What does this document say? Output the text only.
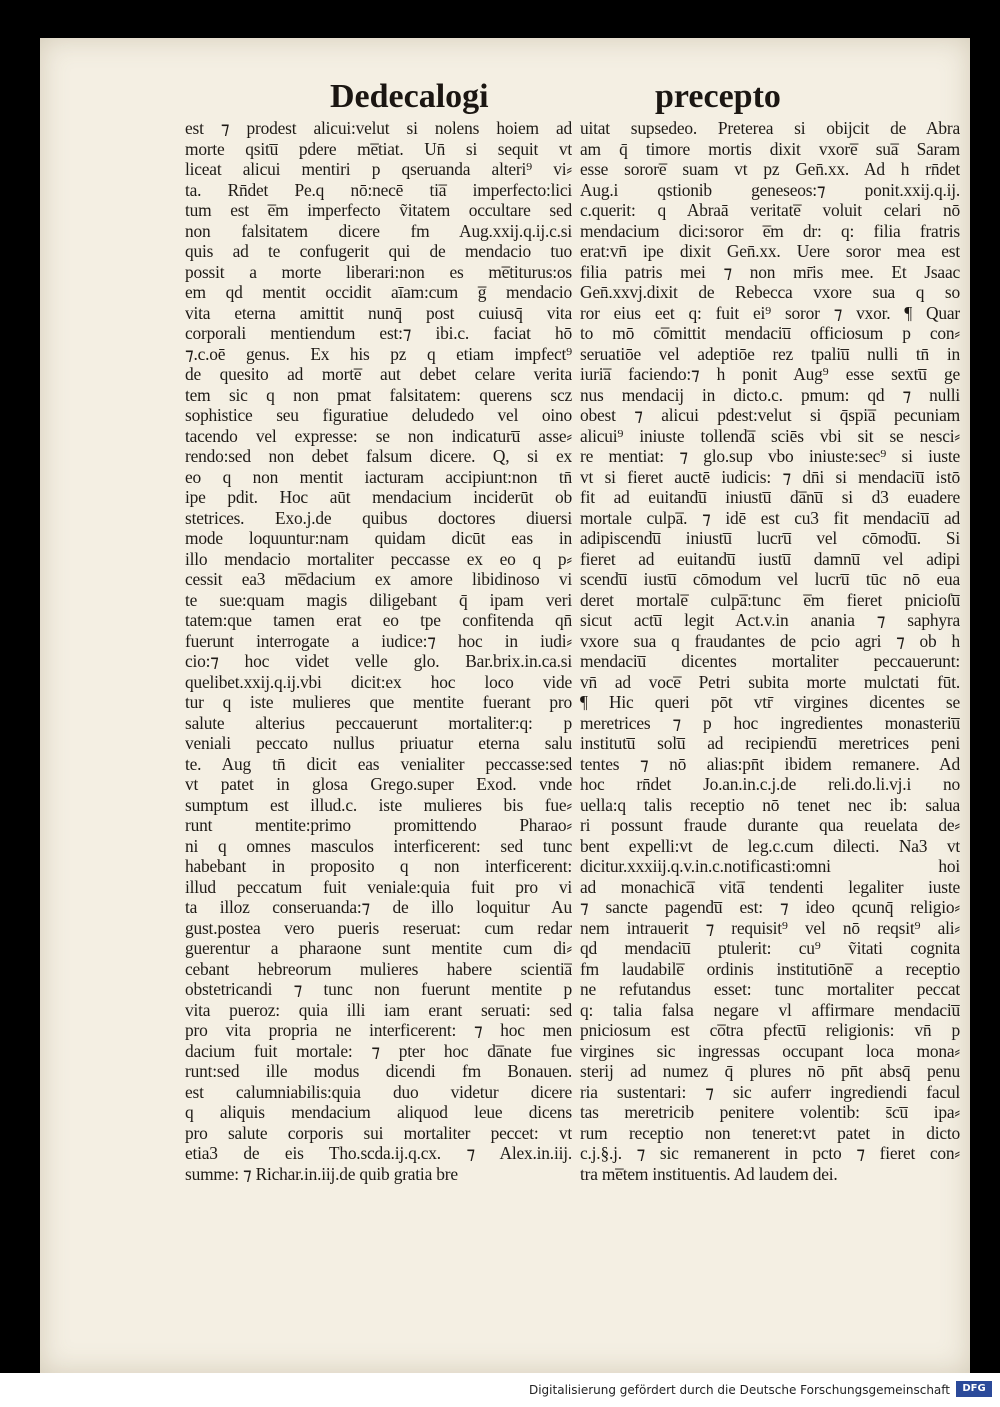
Dedecalogi	precepto
est ⁊ prodest alicui:velut si nolens hoiem ad
morte qsitu̅ pdere me̅tiat. Un̄ si sequit vt
liceat alicui mentiri p qseruanda alteri⁹ vi⸗
ta. Rn̄det Pe.q nō:necē tia̅ imperfecto:lici
tum est e̅m imperfecto ṽitatem occultare sed
non falsitatem dicere fm Aug.xxij.q.ij.c.si
quis ad te confugerit qui de mendacio tuo
possit a morte liberari:non es me̅titurus:os
em qd mentit occidit aīam:cum g̅ mendacio
vita eterna amittit nunq̄ post cuiusq̄ vita
corporali mentiendum est:⁊ ibi.c. faciat hō
⁊.c.oē genus. Ex his pz q etiam impfect⁹
de quesito ad morte̅ aut debet celare verita
tem sic q non pmat falsitatem: querens scz
sophistice seu figuratiue deludedo vel oino
tacendo vel expresse: se non indicaturu̅ asse⸗
rendo:sed non debet falsum dicere. Q, si ex
eo q non mentit iacturam accipiunt:non tn̄
ipe pdit. Hoc aūt mendacium inciderūt ob
stetrices. Exo.j.de quibus doctores diuersi
mode loquuntur:nam quidam dicūt eas in
illo mendacio mortaliter peccasse ex eo q p⸗
cessit ea3 me̅dacium ex amore libidinoso vi
te sue:quam magis diligebant q̄ ipam veri
tatem:que tamen erat eo tpe confitenda qn̄
fuerunt interrogate a iudice:⁊ hoc in iudi⸗
cio:⁊ hoc videt velle glo. Bar.brix.in.ca.si
quelibet.xxij.q.ij.vbi dicit:ex hoc loco vide
tur q iste mulieres que mentite fuerant pro
salute alterius peccauerunt mortaliter:q: p
veniali peccato nullus priuatur eterna salu
te. Aug tn̄ dicit eas venialiter peccasse:sed
vt patet in glosa Grego.super Exod. vnde
sumptum est illud.c. iste mulieres bis fue⸗
runt mentite:primo promittendo Pharao⸗
ni q omnes masculos interficerent: sed tunc
habebant in proposito q non interficerent:
illud peccatum fuit veniale:quia fuit pro vi
ta illoz conseruanda:⁊ de illo loquitur Au
gust.postea vero pueris reseruat: cum redar
guerentur a pharaone sunt mentite cum di⸗
cebant hebreorum mulieres habere scientia̅
obstetricandi ⁊ tunc non fuerunt mentite p
vita pueroz: quia illi iam erant seruati: sed
pro vita propria ne interficerent: ⁊ hoc men
dacium fuit mortale: ⁊ pter hoc da̅nate fue
runt:sed ille modus dicendi fm Bonauen.
est calumniabilis:quia duo videtur dicere
q aliquis mendacium aliquod leue dicens
pro salute corporis sui mortaliter peccet: vt
etia3 de eis Tho.scda.ij.q.cx. ⁊ Alex.in.iij.
summe: ⁊ Richar.in.iij.de quib gratia bre
uitat supsedeo. Preterea si obijcit de Abra
am q̄ timore mortis dixit vxore̅ sua̅ Saram
esse sorore̅ suam vt pz Gen̄.xx. Ad h rn̄det
Aug.i qstionib geneseos:⁊ ponit.xxij.q.ij.
c.querit: q Abraā veritate̅ voluit celari nō
mendacium dici:soror e̅m dr: q: filia fratris
erat:vn̄ ipe dixit Gen̄.xx. Uere soror mea est
filia patris mei ⁊ non mr̄is mee. Et Jsaac
Gen̄.xxvj.dixit de Rebecca vxore sua q so
ror eius eet q: fuit ei⁹ soror ⁊ vxor. ¶ Quar
to mō co̅mittit mendaciu̅ officiosum p con⸗
seruatiōe vel adeptiōe rez tpaliu̅ nulli tn̄ in
iuria̅ faciendo:⁊ h ponit Aug⁹ esse sextu̅ ge
nus mendacij in dicto.c. pmum: qd ⁊ nulli
obest ⁊ alicui pdest:velut si q̄spia̅ pecuniam
alicui⁹ iniuste tollenda̅ sciēs vbi sit se nesci⸗
re mentiat: ⁊ glo.sup vbo iniuste:sec⁹ si iuste
vt si fieret auctē iudicis: ⁊ dn̄i si mendaciu̅ istō
fit ad euitandu̅ iniustu̅ da̅nu̅ si d3 euadere
mortale culpa̅. ⁊ idē est cu3 fit mendaciu̅ ad
adipiscendu̅ iniustu̅ lucru̅ vel cōmodu̅. Si
fieret ad euitandu̅ iustu̅ damnu̅ vel adipi
scendu̅ iustu̅ cōmodum vel lucru̅ tūc nō eua
deret mortale̅ culpa̅:tunc e̅m fieret pnicioſu̅
sicut actu̅ legit Act.v.in anania ⁊ saphyra
vxore sua q fraudantes de pcio agri ⁊ ob h
mendaciu̅ dicentes mortaliter peccauerunt:
vn̄ ad voce̅ Petri subita morte mulctati fūt.
¶ Hic queri pōt vtr̄ virgines dicentes se
meretrices ⁊ p hoc ingredientes monasteriu̅
institutu̅ solu̅ ad recipiendu̅ meretrices peni
tentes ⁊ nō alias:pn̄t ibidem remanere. Ad
hoc rn̄det Jo.an.in.c.j.de reli.do.li.vj.i no
uella:q talis receptio nō tenet nec ib: salua
ri possunt fraude durante qua reuelata de⸗
bent expelli:vt de leg.c.cum dilecti. Na3 vt
dicitur.xxxiij.q.v.in.c.notificasti:omni hoi
ad monachica̅ vita̅ tendenti legaliter iuste
⁊ sancte pagendu̅ est: ⁊ ideo qcunq̄ religio⸗
nem intrauerit ⁊ requisit⁹ vel nō reqsit⁹ ali⸗
qd mendaciu̅ ptulerit: cu⁹ ṽitati cognita
fm laudabile̅ ordinis institutiōne̅ a receptio
ne refutandus esset: tunc mortaliter peccat
q: talia falsa negare vl affirmare mendaciu̅
pniciosum est co̅tra pfectu̅ religionis: vn̄ p
virgines sic ingressas occupant loca mona⸗
sterij ad numez q̄ plures nō pn̄t absq̄ penu
ria sustentari: ⁊ sic auferr ingrediendi facul
tas meretricib penitere volentib: s̄cu̅ ipa⸗
rum receptio non teneret:vt patet in dicto
c.j.§.j. ⁊ sic remanerent in pcto ⁊ fieret con⸗
tra me̅tem instituentis. Ad laudem dei.
Digitalisierung gefördert durch die Deutsche Forschungsgemeinschaft	DFG
